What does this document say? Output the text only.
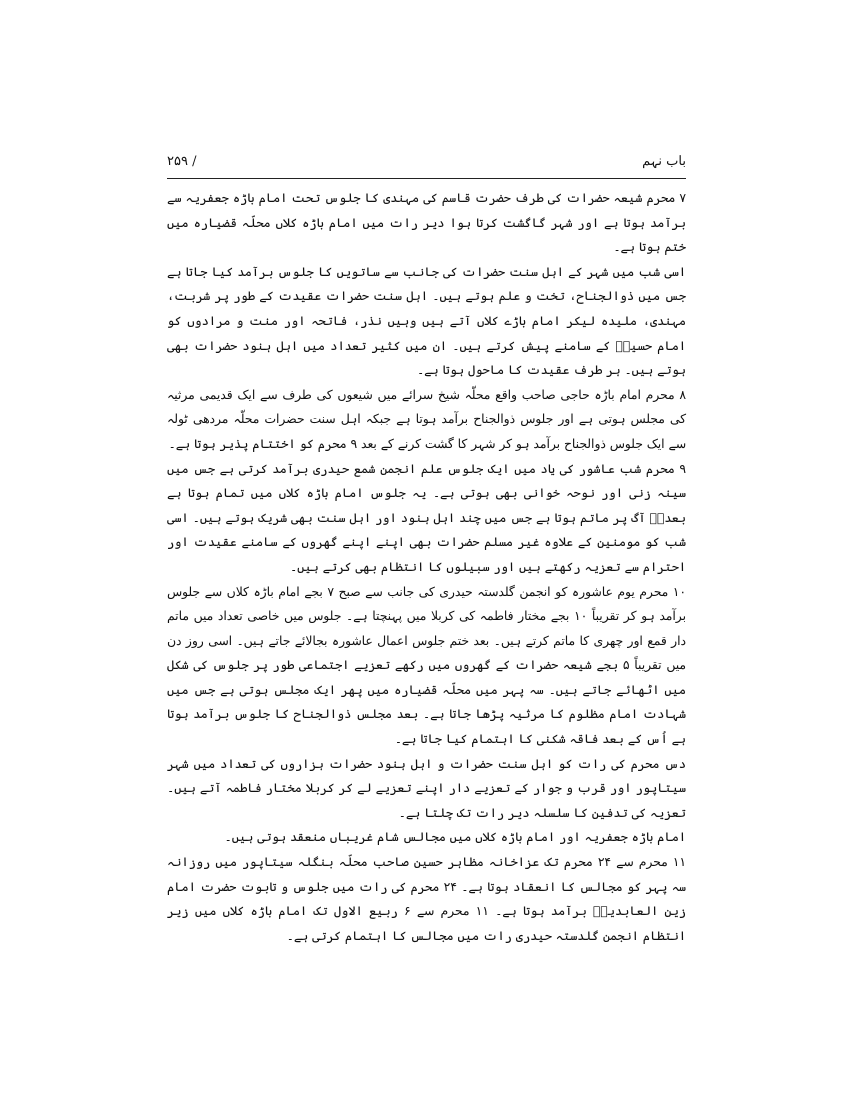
باب نہم
۲۵۹ /

۷ محرم شیعہ حضرات کی طرف حضرت قاسم کی مہندی کا جلوس تحت امام باڑہ جعفریہ سے برآمد ہوتا ہے اور شہر گاگشت کرتا ہوا دیر رات میں امام باڑہ کلاں محلّہ قضیارہ میں ختم ہوتا ہے۔

اسی شب میں شہر کے اہل سنت حضرات کی جانب سے ساتویں کا جلوس برآمد کیا جاتا ہے جس میں ذوالجناح، تخت و علم ہوتے ہیں۔ اہل سنت حضرات عقیدت کے طور پر شربت، مہندی، ملیدہ لیکر امام باڑے کلاں آتے ہیں وہیں نذر، فاتحہ اور منت و مرادوں کو امام حسینؑ کے سامنے پیش کرتے ہیں۔ ان میں کثیر تعداد میں اہل ہنود حضرات بھی ہوتے ہیں۔ ہر طرف عقیدت کا ماحول ہوتا ہے۔

۸ محرم امام باڑہ حاجی صاحب واقع محلّہ شیخ سرائے میں شیعوں کی طرف سے ایک قدیمی مرثیہ کی مجلس ہوتی ہے اور جلوس ذوالجناح برآمد ہوتا ہے جبکہ اہل سنت حضرات محلّہ مردھی ٹولہ سے ایک جلوس ذوالجناح برآمد ہو کر شہر کا گشت کرنے کے بعد ۹ محرم کو اختتام پذیر ہوتا ہے۔

۹ محرم شب عاشور کی یاد میں ایک جلوس علم انجمن شمع حیدری برآمد کرتی ہے جس میں سینہ زنی اور نوحہ خوانی بھی ہوتی ہے۔ یہ جلوس امام باڑہ کلاں میں تمام ہوتا ہے بعدہٗ آگ پر ماتم ہوتا ہے جس میں چند اہل ہنود اور اہل سنت بھی شریک ہوتے ہیں۔ اسی شب کو مومنین کے علاوہ غیر مسلم حضرات بھی اپنے اپنے گھروں کے سامنے عقیدت اور احترام سے تعزیہ رکھتے ہیں اور سبیلوں کا انتظام بھی کرتے ہیں۔

۱۰ محرم یوم عاشورہ کو انجمن گلدستہ حیدری کی جانب سے صبح ۷ بجے امام باڑہ کلاں سے جلوس برآمد ہو کر تقریباً ۱۰ بجے مختار فاطمہ کی کربلا میں پہنچتا ہے۔ جلوس میں خاصی تعداد میں ماتم دار قمع اور چھری کا ماتم کرتے ہیں۔ بعد ختم جلوس اعمال عاشورہ بجالائے جاتے ہیں۔ اسی روز دن میں تقریباً ۵ بجے شیعہ حضرات کے گھروں میں رکھے تعزیے اجتماعی طور پر جلوس کی شکل میں اٹھائے جاتے ہیں۔ سہ پہر میں محلّہ قضیارہ میں پھر ایک مجلس ہوتی ہے جس میں شہادت امام مظلوم کا مرثیہ پڑھا جاتا ہے۔ بعد مجلس ذوالجناح کا جلوس برآمد ہوتا ہے اُس کے بعد فاقہ شکنی کا اہتمام کیا جاتا ہے۔

دس محرم کی رات کو اہل سنت حضرات و اہل ہنود حضرات ہزاروں کی تعداد میں شہر سیتاپور اور قرب و جوار کے تعزیے دار اپنے تعزیے لے کر کربلا مختار فاطمہ آتے ہیں۔ تعزیہ کی تدفین کا سلسلہ دیر رات تک چلتا ہے۔

امام باڑہ جعفریہ اور امام باڑہ کلاں میں مجالس شام غریباں منعقد ہوتی ہیں۔

۱۱ محرم سے ۲۴ محرم تک عزاخانہ مظاہر حسین صاحب محلّہ بنگلہ سیتاپور میں روزانہ سہ پہر کو مجالس کا انعقاد ہوتا ہے۔ ۲۴ محرم کی رات میں جلوس و تابوت حضرت امام زین العابدینؑ برآمد ہوتا ہے۔ ۱۱ محرم سے ۶ ربیع الاول تک امام باڑہ کلاں میں زیر انتظام انجمن گلدستہ حیدری رات میں مجالس کا اہتمام کرتی ہے۔
